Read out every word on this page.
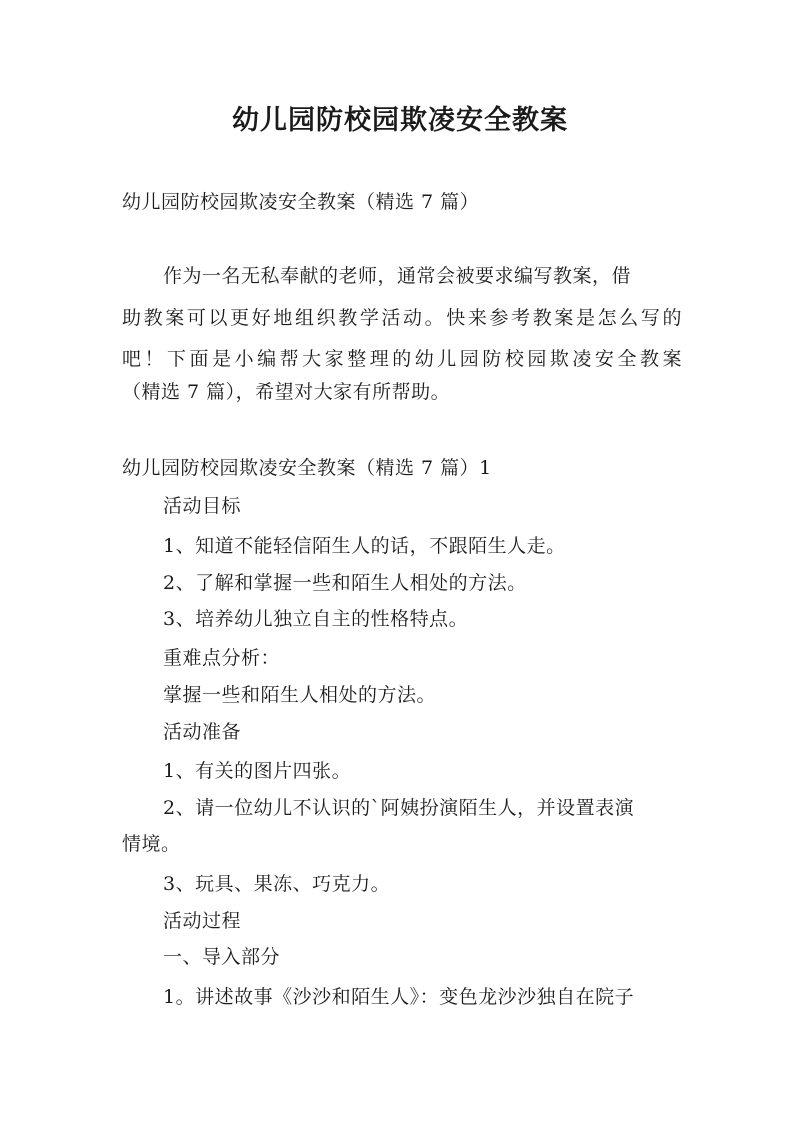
幼儿园防校园欺凌安全教案

幼儿园防校园欺凌安全教案（精选 7 篇）

作为一名无私奉献的老师，通常会被要求编写教案，借

助教案可以更好地组织教学活动。快来参考教案是怎么写的

吧！下面是小编帮大家整理的幼儿园防校园欺凌安全教案

（精选 7 篇），希望对大家有所帮助。

幼儿园防校园欺凌安全教案（精选 7 篇）1

活动目标

1、知道不能轻信陌生人的话，不跟陌生人走。

2、了解和掌握一些和陌生人相处的方法。

3、培养幼儿独立自主的性格特点。

重难点分析：

掌握一些和陌生人相处的方法。

活动准备

1、有关的图片四张。

2、请一位幼儿不认识的`阿姨扮演陌生人，并设置表演

情境。

3、玩具、果冻、巧克力。

活动过程

一、导入部分

1。讲述故事《沙沙和陌生人》：变色龙沙沙独自在院子
